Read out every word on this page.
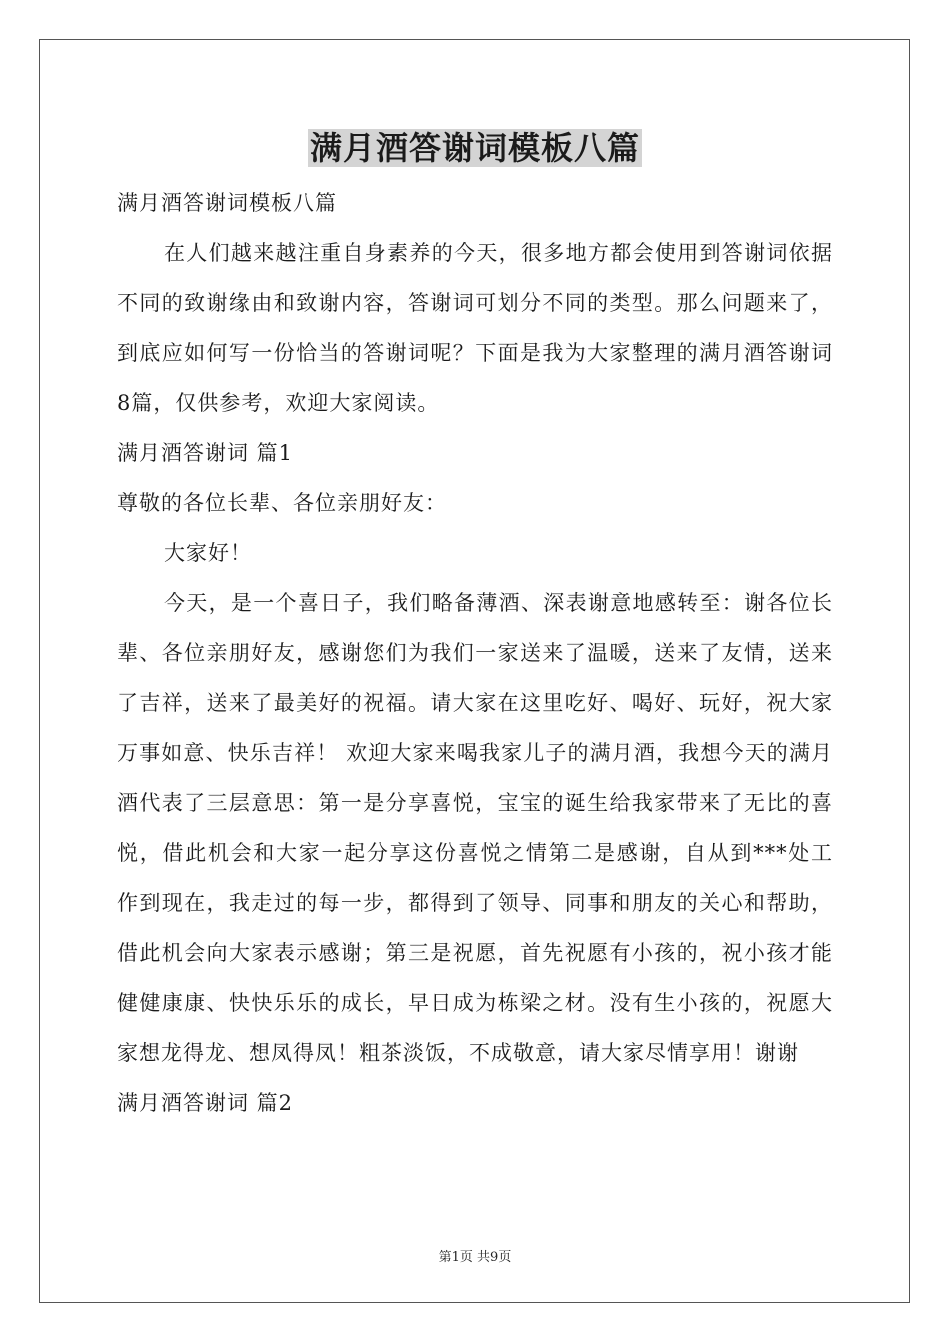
满月酒答谢词模板八篇

满月酒答谢词模板八篇

在人们越来越注重自身素养的今天，很多地方都会使用到答谢词依据不同的致谢缘由和致谢内容，答谢词可划分不同的类型。那么问题来了，到底应如何写一份恰当的答谢词呢？下面是我为大家整理的满月酒答谢词8篇，仅供参考，欢迎大家阅读。

满月酒答谢词 篇1

尊敬的各位长辈、各位亲朋好友：

大家好！

今天，是一个喜日子，我们略备薄酒、深表谢意地感转至：谢各位长辈、各位亲朋好友，感谢您们为我们一家送来了温暖，送来了友情，送来了吉祥，送来了最美好的祝福。请大家在这里吃好、喝好、玩好，祝大家万事如意、快乐吉祥！ 欢迎大家来喝我家儿子的满月酒，我想今天的满月酒代表了三层意思：第一是分享喜悦，宝宝的诞生给我家带来了无比的喜悦，借此机会和大家一起分享这份喜悦之情第二是感谢，自从到***处工作到现在，我走过的每一步，都得到了领导、同事和朋友的关心和帮助，借此机会向大家表示感谢；第三是祝愿，首先祝愿有小孩的，祝小孩才能健健康康、快快乐乐的成长，早日成为栋梁之材。没有生小孩的，祝愿大家想龙得龙、想凤得凤！粗茶淡饭，不成敬意，请大家尽情享用！谢谢

满月酒答谢词 篇2

第1页 共9页
